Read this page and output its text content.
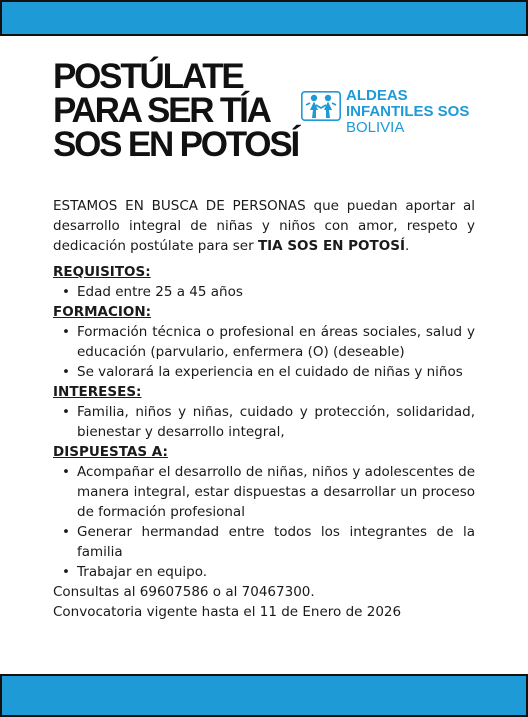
POSTÚLATE
PARA SER TÍA
SOS EN POTOSÍ
ALDEAS
INFANTILES SOS
BOLIVIA

ESTAMOS EN BUSCA DE PERSONAS que puedan aportar al desarrollo integral de niñas y niños con amor, respeto y dedicación postúlate para ser TIA SOS EN POTOSÍ.

REQUISITOS:

• Edad entre 25 a 45 años

FORMACION:

• Formación técnica o profesional en áreas sociales, salud y educación (parvulario, enfermera (O) (deseable)
• Se valorará la experiencia en el cuidado de niñas y niños

INTERESES:

• Familia, niños y niñas, cuidado y protección, solidaridad, bienestar y desarrollo integral,

DISPUESTAS A:

• Acompañar el desarrollo de niñas, niños y adolescentes de manera integral, estar dispuestas a desarrollar un proceso de formación profesional
• Generar hermandad entre todos los integrantes de la familia
• Trabajar en equipo.

Consultas al 69607586 o al 70467300.

Convocatoria vigente hasta el 11 de Enero de 2026
